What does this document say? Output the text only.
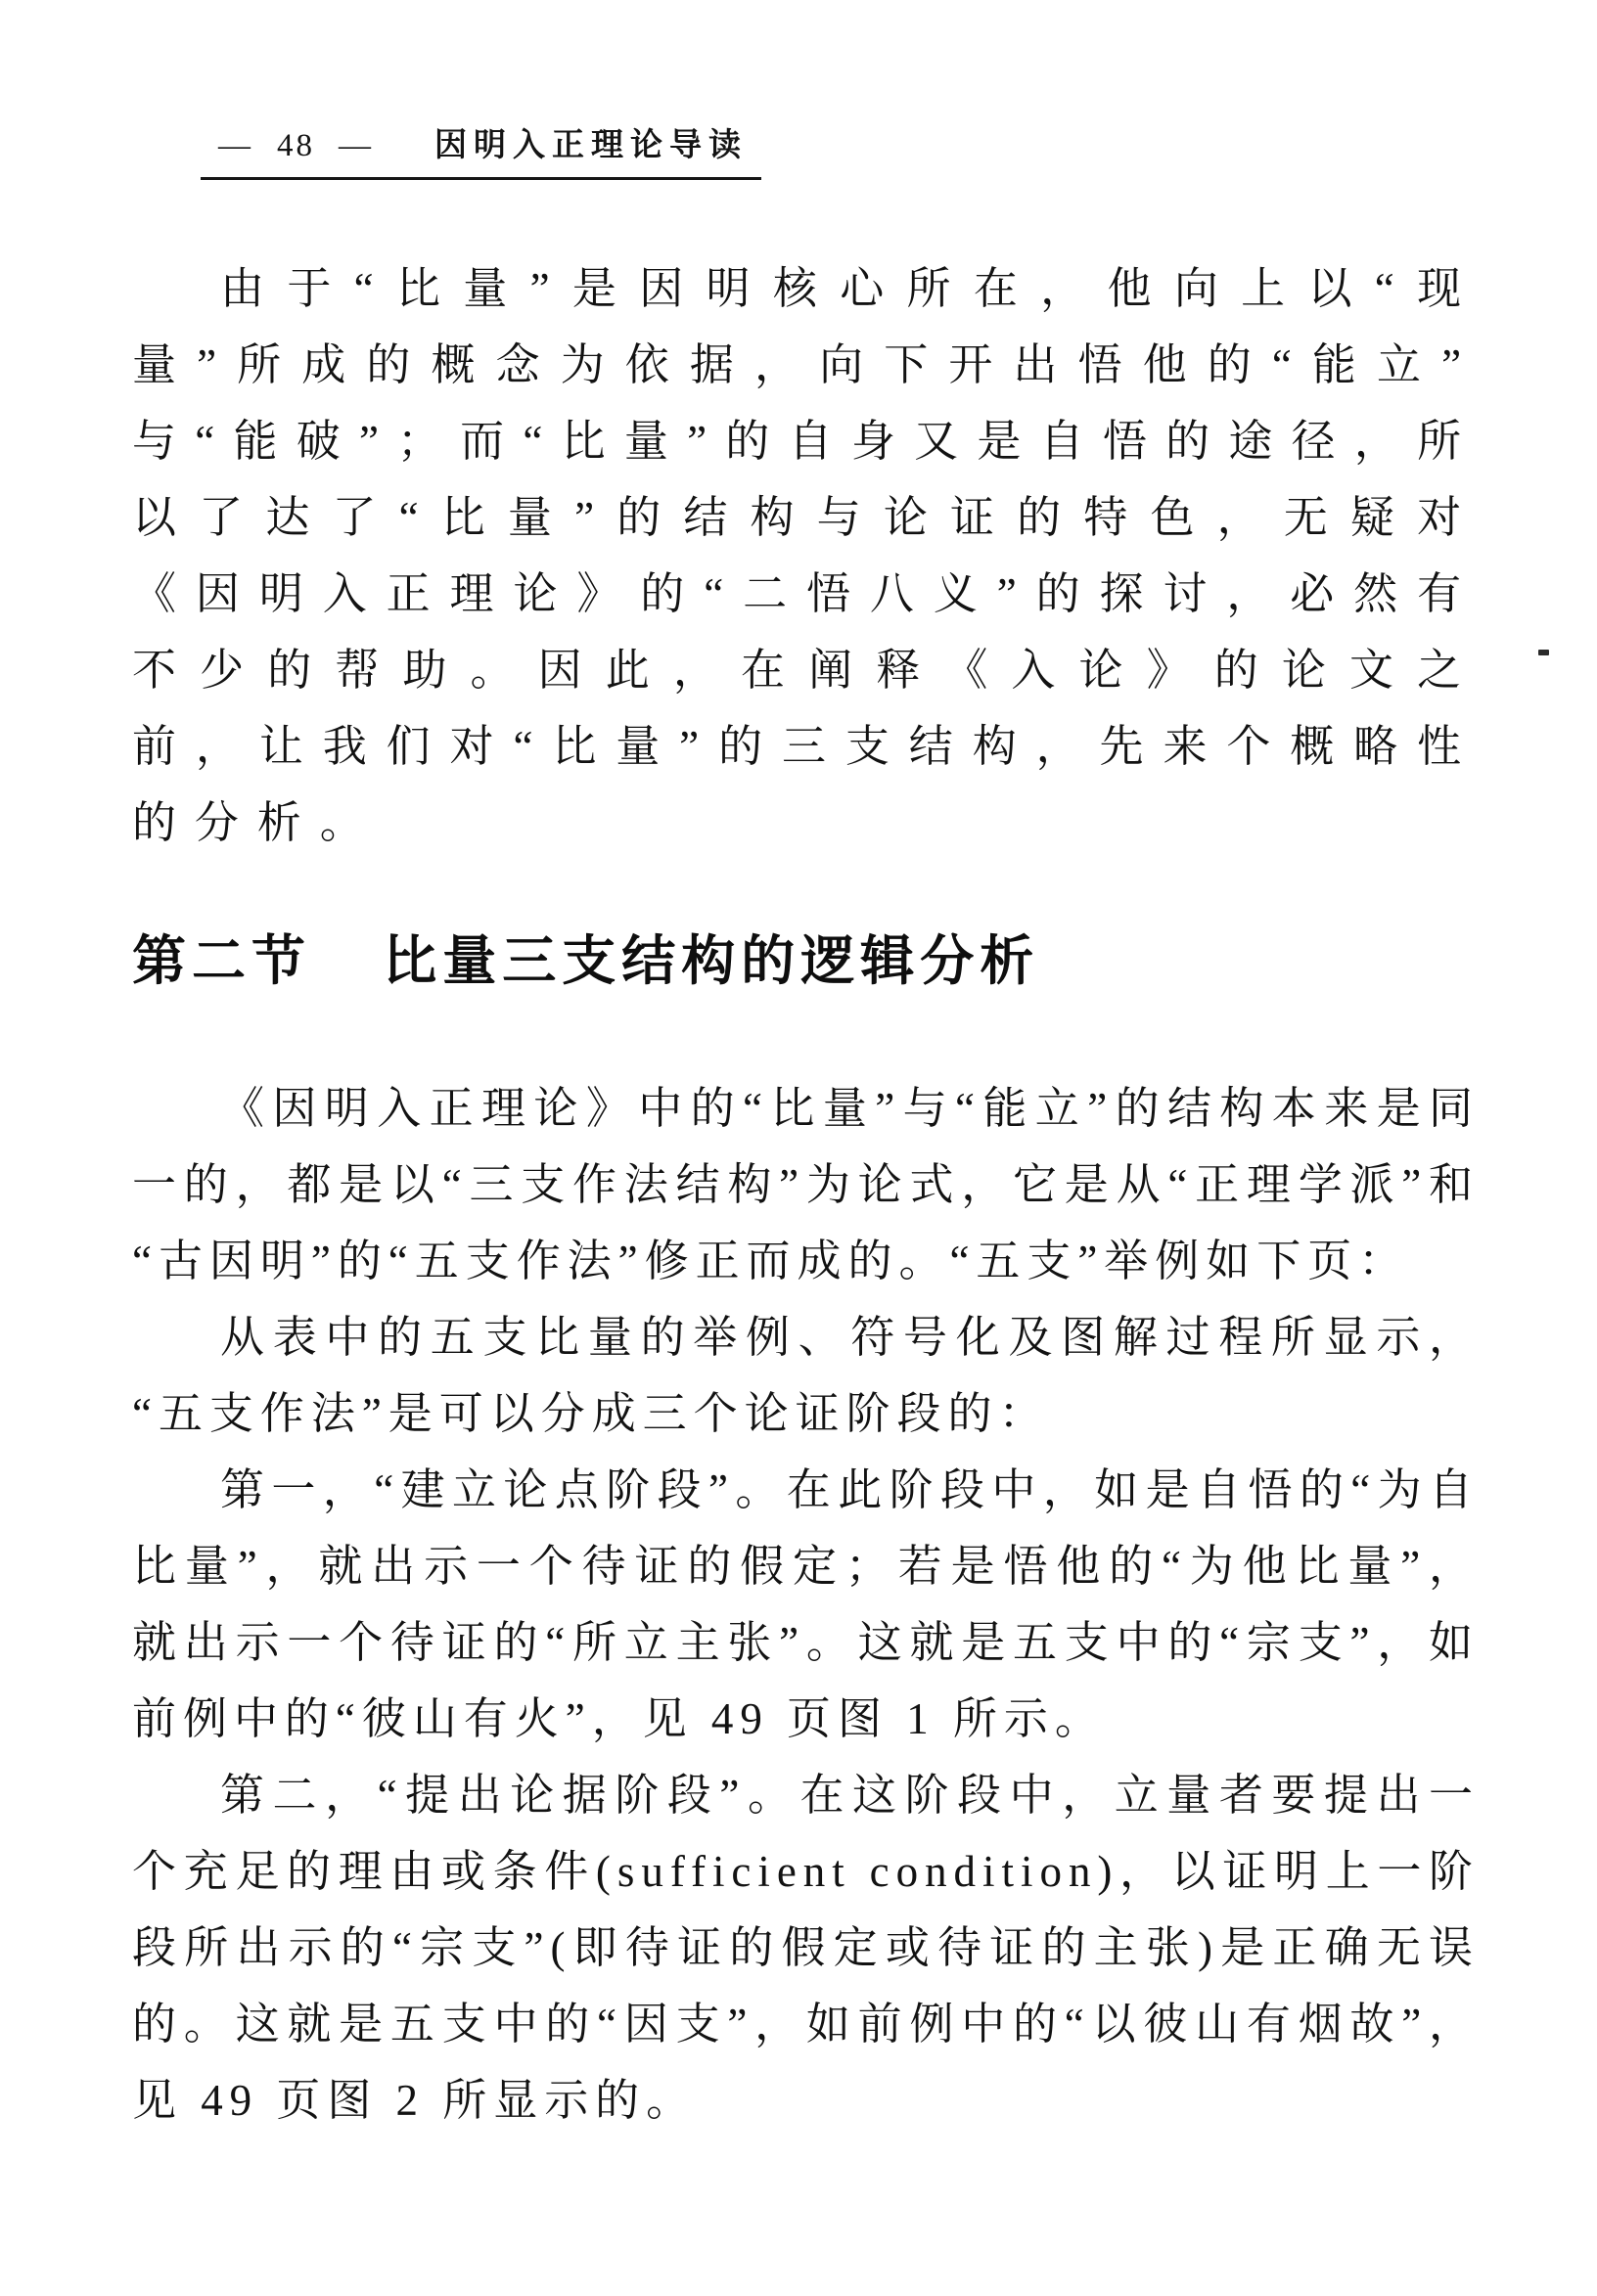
— 48 — 因明入正理论导读

由于“比量”是因明核心所在，他向上以“现量”所成的概念为依据，向下开出悟他的“能立”与“能破”；而“比量”的自身又是自悟的途径，所以了达了“比量”的结构与论证的特色，无疑对《因明入正理论》的“二悟八义”的探讨，必然有不少的帮助。因此，在阐释《入论》的论文之前，让我们对“比量”的三支结构，先来个概略性的分析。

第二节 比量三支结构的逻辑分析

《因明入正理论》中的“比量”与“能立”的结构本来是同一的，都是以“三支作法结构”为论式，它是从“正理学派”和“古因明”的“五支作法”修正而成的。“五支”举例如下页：

从表中的五支比量的举例、符号化及图解过程所显示，“五支作法”是可以分成三个论证阶段的：

第一，“建立论点阶段”。在此阶段中，如是自悟的“为自比量”，就出示一个待证的假定；若是悟他的“为他比量”，就出示一个待证的“所立主张”。这就是五支中的“宗支”，如前例中的“彼山有火”，见 49 页图 1 所示。

第二，“提出论据阶段”。在这阶段中，立量者要提出一个充足的理由或条件(sufficient condition)，以证明上一阶段所出示的“宗支”(即待证的假定或待证的主张)是正确无误的。这就是五支中的“因支”，如前例中的“以彼山有烟故”，见 49 页图 2 所显示的。
